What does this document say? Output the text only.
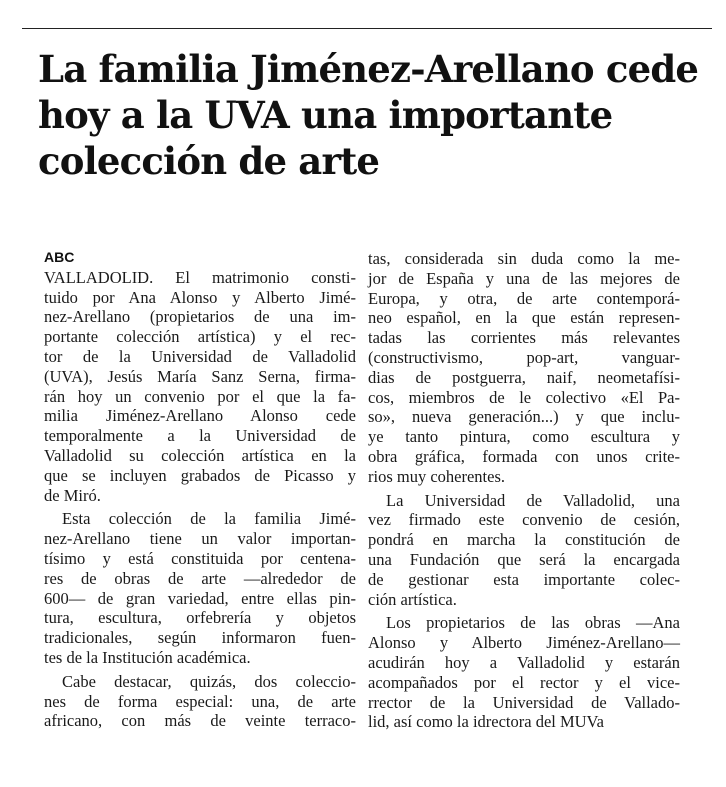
La familia Jiménez-Arellano cede
hoy a la UVA una importante
colección de arte
ABC

VALLADOLID. El matrimonio consti-
tuido por Ana Alonso y Alberto Jimé-
nez-Arellano (propietarios de una im-
portante colección artística) y el rec-
tor de la Universidad de Valladolid
(UVA), Jesús María Sanz Serna, firma-
rán hoy un convenio por el que la fa-
milia Jiménez-Arellano Alonso cede
temporalmente a la Universidad de
Valladolid su colección artística en la
que se incluyen grabados de Picasso y
de Miró.

Esta colección de la familia Jimé-
nez-Arellano tiene un valor importan-
tísimo y está constituida por centena-
res de obras de arte —alrededor de
600— de gran variedad, entre ellas pin-
tura, escultura, orfebrería y objetos
tradicionales, según informaron fuen-
tes de la Institución académica.

Cabe destacar, quizás, dos coleccio-
nes de forma especial: una, de arte
africano, con más de veinte terraco-

tas, considerada sin duda como la me-
jor de España y una de las mejores de
Europa, y otra, de arte contemporá-
neo español, en la que están represen-
tadas las corrientes más relevantes
(constructivismo, pop-art, vanguar-
dias de postguerra, naif, neometafísi-
cos, miembros de le colectivo «El Pa-
so», nueva generación...) y que inclu-
ye tanto pintura, como escultura y
obra gráfica, formada con unos crite-
rios muy coherentes.

La Universidad de Valladolid, una
vez firmado este convenio de cesión,
pondrá en marcha la constitución de
una Fundación que será la encargada
de gestionar esta importante colec-
ción artística.

Los propietarios de las obras —Ana
Alonso y Alberto Jiménez-Arellano—
acudirán hoy a Valladolid y estarán
acompañados por el rector y el vice-
rrector de la Universidad de Vallado-
lid, así como la idrectora del MUVa
